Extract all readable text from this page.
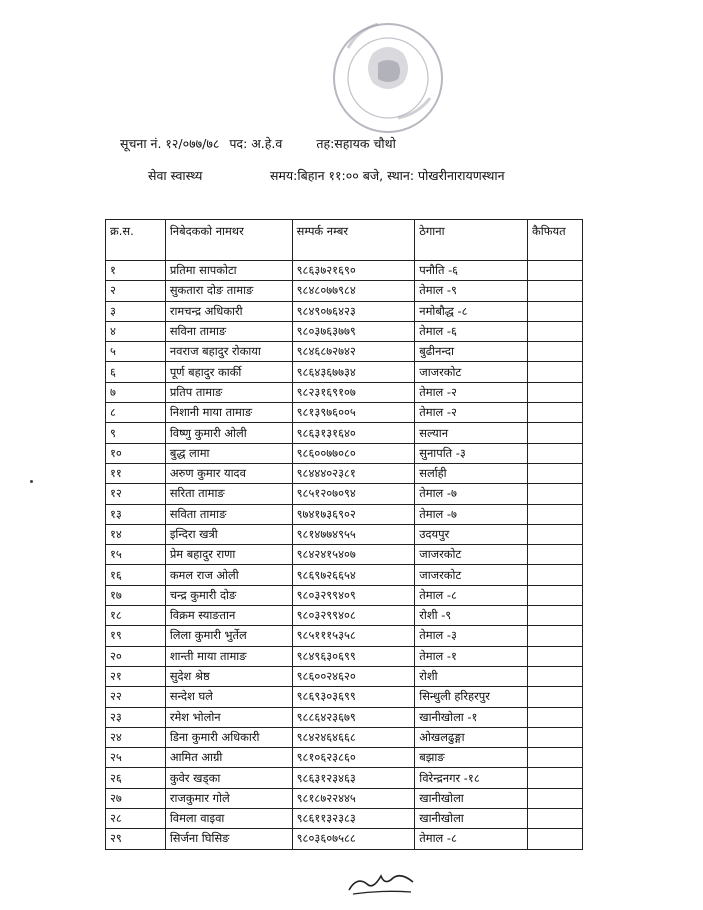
सूचना नं. १२/०७७/७८ पद: अ.हे.व	तह:सहायक चौथो
सेवा स्वास्थ्य	समय:बिहान ११:०० बजे, स्थान: पोखरीनारायणस्थान
क्र.स.	निबेदकको नामथर	सम्पर्क नम्बर	ठेगाना	कैफियत
१	प्रतिमा सापकोटा	९८६३७२१६९०	पनौति -६	
२	सुकतारा दोङ तामाङ	९८४८०७७९८४	तेमाल -९	
३	रामचन्द्र अधिकारी	९८४९०७६४२३	नमोबौद्ध -८	
४	सविना तामाङ	९८०३७६३७७९	तेमाल -६	
५	नवराज बहादुर रोकाया	९८४६८७२७४२	बुढीनन्दा	
६	पूर्ण बहादुर कार्की	९८६४३६७७३४	जाजरकोट	
७	प्रतिप तामाङ	९८२३१६९१०७	तेमाल -२	
८	निशानी माया तामाङ	९८१३९७६००५	तेमाल -२	
९	विष्णु कुमारी ओली	९८६३१३१६४०	सल्यान	
१०	बुद्ध लामा	९८६००७७०८०	सुनापति -३	
११	अरुण कुमार यादव	९८४४४०२३८१	सर्लाही	
१२	सरिता तामाङ	९८५१२०७०९४	तेमाल -७	
१३	सविता तामाङ	९७४१७३६९०२	तेमाल -७	
१४	इन्दिरा खत्री	९८१४७७४९५५	उदयपुर	
१५	प्रेम बहादुर राणा	९८४२४१५४०७	जाजरकोट	
१६	कमल राज ओली	९८६९७२६६५४	जाजरकोट	
१७	चन्द्र कुमारी दोङ	९८०३२९९४०९	तेमाल -८	
१८	विक्रम स्याङतान	९८०३२९९४०८	रोशी -९	
१९	लिला कुमारी भुर्तेल	९८५१११५३५८	तेमाल -३	
२०	शान्ती माया तामाङ	९८४९६३०६९९	तेमाल -१	
२१	सुदेश श्रेष्ठ	९८६००२४६२०	रोशी	
२२	सन्देश घले	९८६९३०३६९९	सिन्धुली हरिहरपुर	
२३	रमेश भोलोन	९८८६४२३६७९	खानीखोला -१	
२४	डिना कुमारी अधिकारी	९८४२४६४६६८	ओखलढुङ्गा	
२५	आमित आग्री	९८१०६२३८६०	बझाङ	
२६	कुवेर खड्का	९८६३१२३४६३	विरेन्द्रनगर -१८	
२७	राजकुमार गोले	९८१८७२२४४५	खानीखोला	
२८	विमला वाइवा	९८६११३२३८३	खानीखोला	
२९	सिर्जना घिसिङ	९८०३६०७५८८	तेमाल -८	
